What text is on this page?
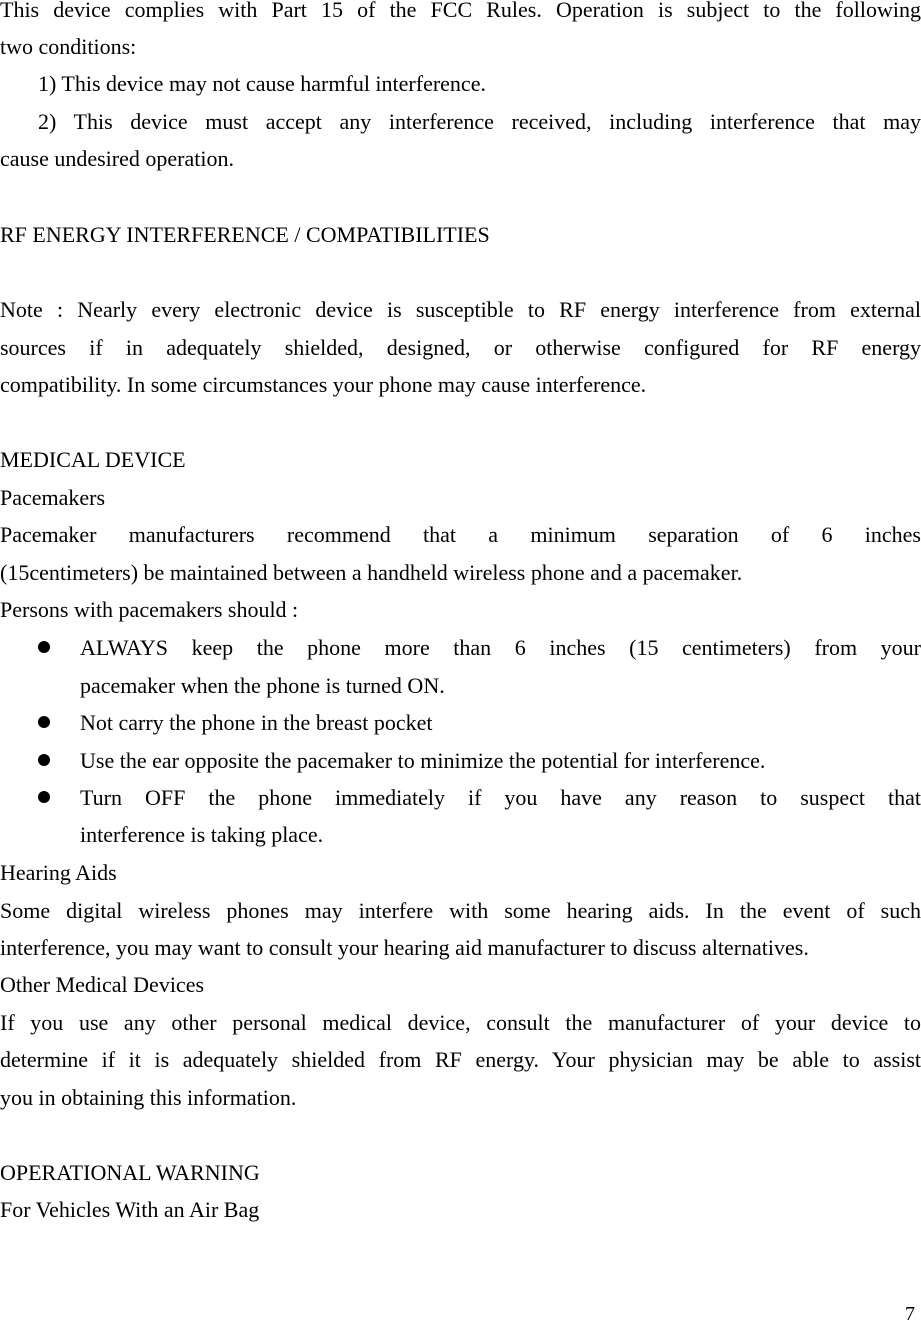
This device complies with Part 15 of the FCC Rules. Operation is subject to the following
two conditions:
1) This device may not cause harmful interference.
2) This device must accept any interference received, including interference that may
cause undesired operation.
RF ENERGY INTERFERENCE / COMPATIBILITIES
Note : Nearly every electronic device is susceptible to RF energy interference from external
sources if in adequately shielded, designed, or otherwise configured for RF energy
compatibility. In some circumstances your phone may cause interference.
MEDICAL DEVICE
Pacemakers
Pacemaker manufacturers recommend that a minimum separation of 6 inches
(15centimeters) be maintained between a handheld wireless phone and a pacemaker.
Persons with pacemakers should :
ALWAYS keep the phone more than 6 inches (15 centimeters) from your
pacemaker when the phone is turned ON.
Not carry the phone in the breast pocket
Use the ear opposite the pacemaker to minimize the potential for interference.
Turn OFF the phone immediately if you have any reason to suspect that
interference is taking place.
Hearing Aids
Some digital wireless phones may interfere with some hearing aids. In the event of such
interference, you may want to consult your hearing aid manufacturer to discuss alternatives.
Other Medical Devices
If you use any other personal medical device, consult the manufacturer of your device to
determine if it is adequately shielded from RF energy. Your physician may be able to assist
you in obtaining this information.
OPERATIONAL WARNING
For Vehicles With an Air Bag
7
